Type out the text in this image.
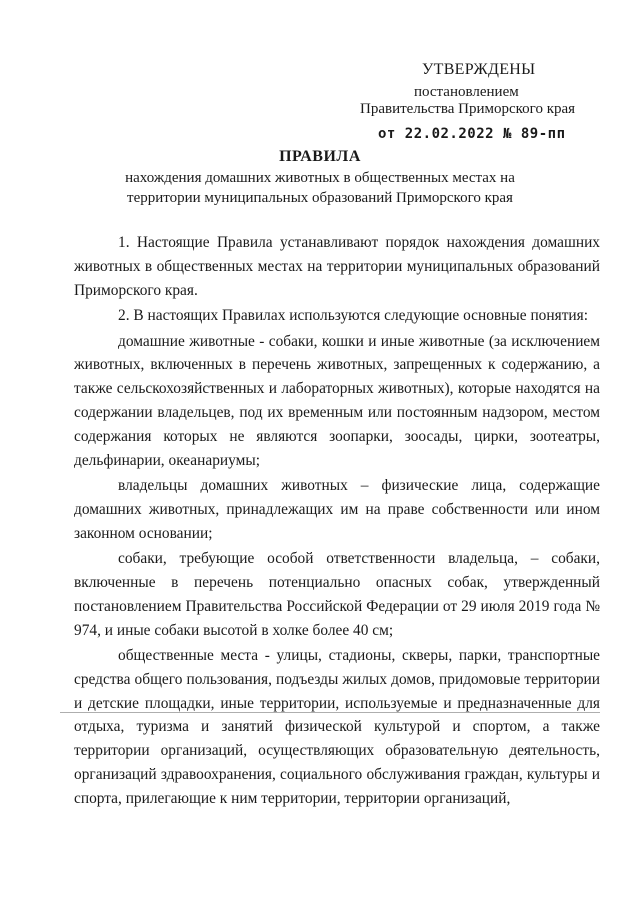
УТВЕРЖДЕНЫ
постановлением
Правительства Приморского края
от 22.02.2022 № 89-пп
ПРАВИЛА
нахождения домашних животных в общественных местах на территории муниципальных образований Приморского края

1. Настоящие Правила устанавливают порядок нахождения домашних животных в общественных местах на территории муниципальных образований Приморского края.

2. В настоящих Правилах используются следующие основные понятия:

домашние животные - собаки, кошки и иные животные (за исключением животных, включенных в перечень животных, запрещенных к содержанию, а также сельскохозяйственных и лабораторных животных), которые находятся на содержании владельцев, под их временным или постоянным надзором, местом содержания которых не являются зоопарки, зоосады, цирки, зоотеатры, дельфинарии, океанариумы;

владельцы домашних животных – физические лица, содержащие домашних животных, принадлежащих им на праве собственности или ином законном основании;

собаки, требующие особой ответственности владельца, – собаки, включенные в перечень потенциально опасных собак, утвержденный постановлением Правительства Российской Федерации от 29 июля 2019 года № 974, и иные собаки высотой в холке более 40 см;

общественные места - улицы, стадионы, скверы, парки, транспортные средства общего пользования, подъезды жилых домов, придомовые территории и детские площадки, иные территории, используемые и предназначенные для отдыха, туризма и занятий физической культурой и спортом, а также территории организаций, осуществляющих образовательную деятельность, организаций здравоохранения, социального обслуживания граждан, культуры и спорта, прилегающие к ним территории, территории организаций,
